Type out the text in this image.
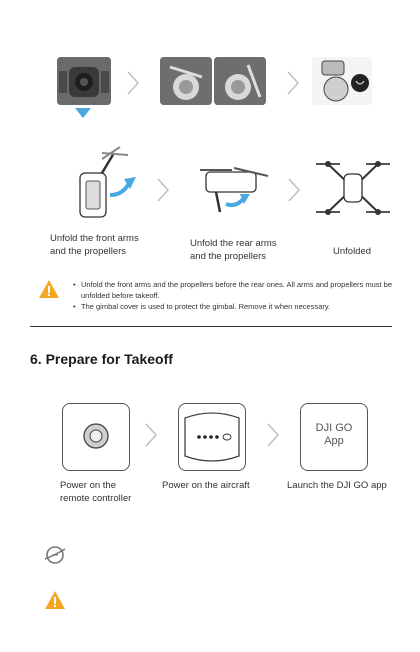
Unfold the front arms
and the propellers
Unfold the rear arms
and the propellers	Unfolded
• Unfold the front arms and the propellers before the rear ones. All arms and propellers must be unfolded before takeoff.
• The gimbal cover is used to protect the gimbal. Remove it when necessary.
6. Prepare for Takeoff
DJI GO
App
Power on the
remote controller
Power on the aircraft	Launch the DJI GO app
